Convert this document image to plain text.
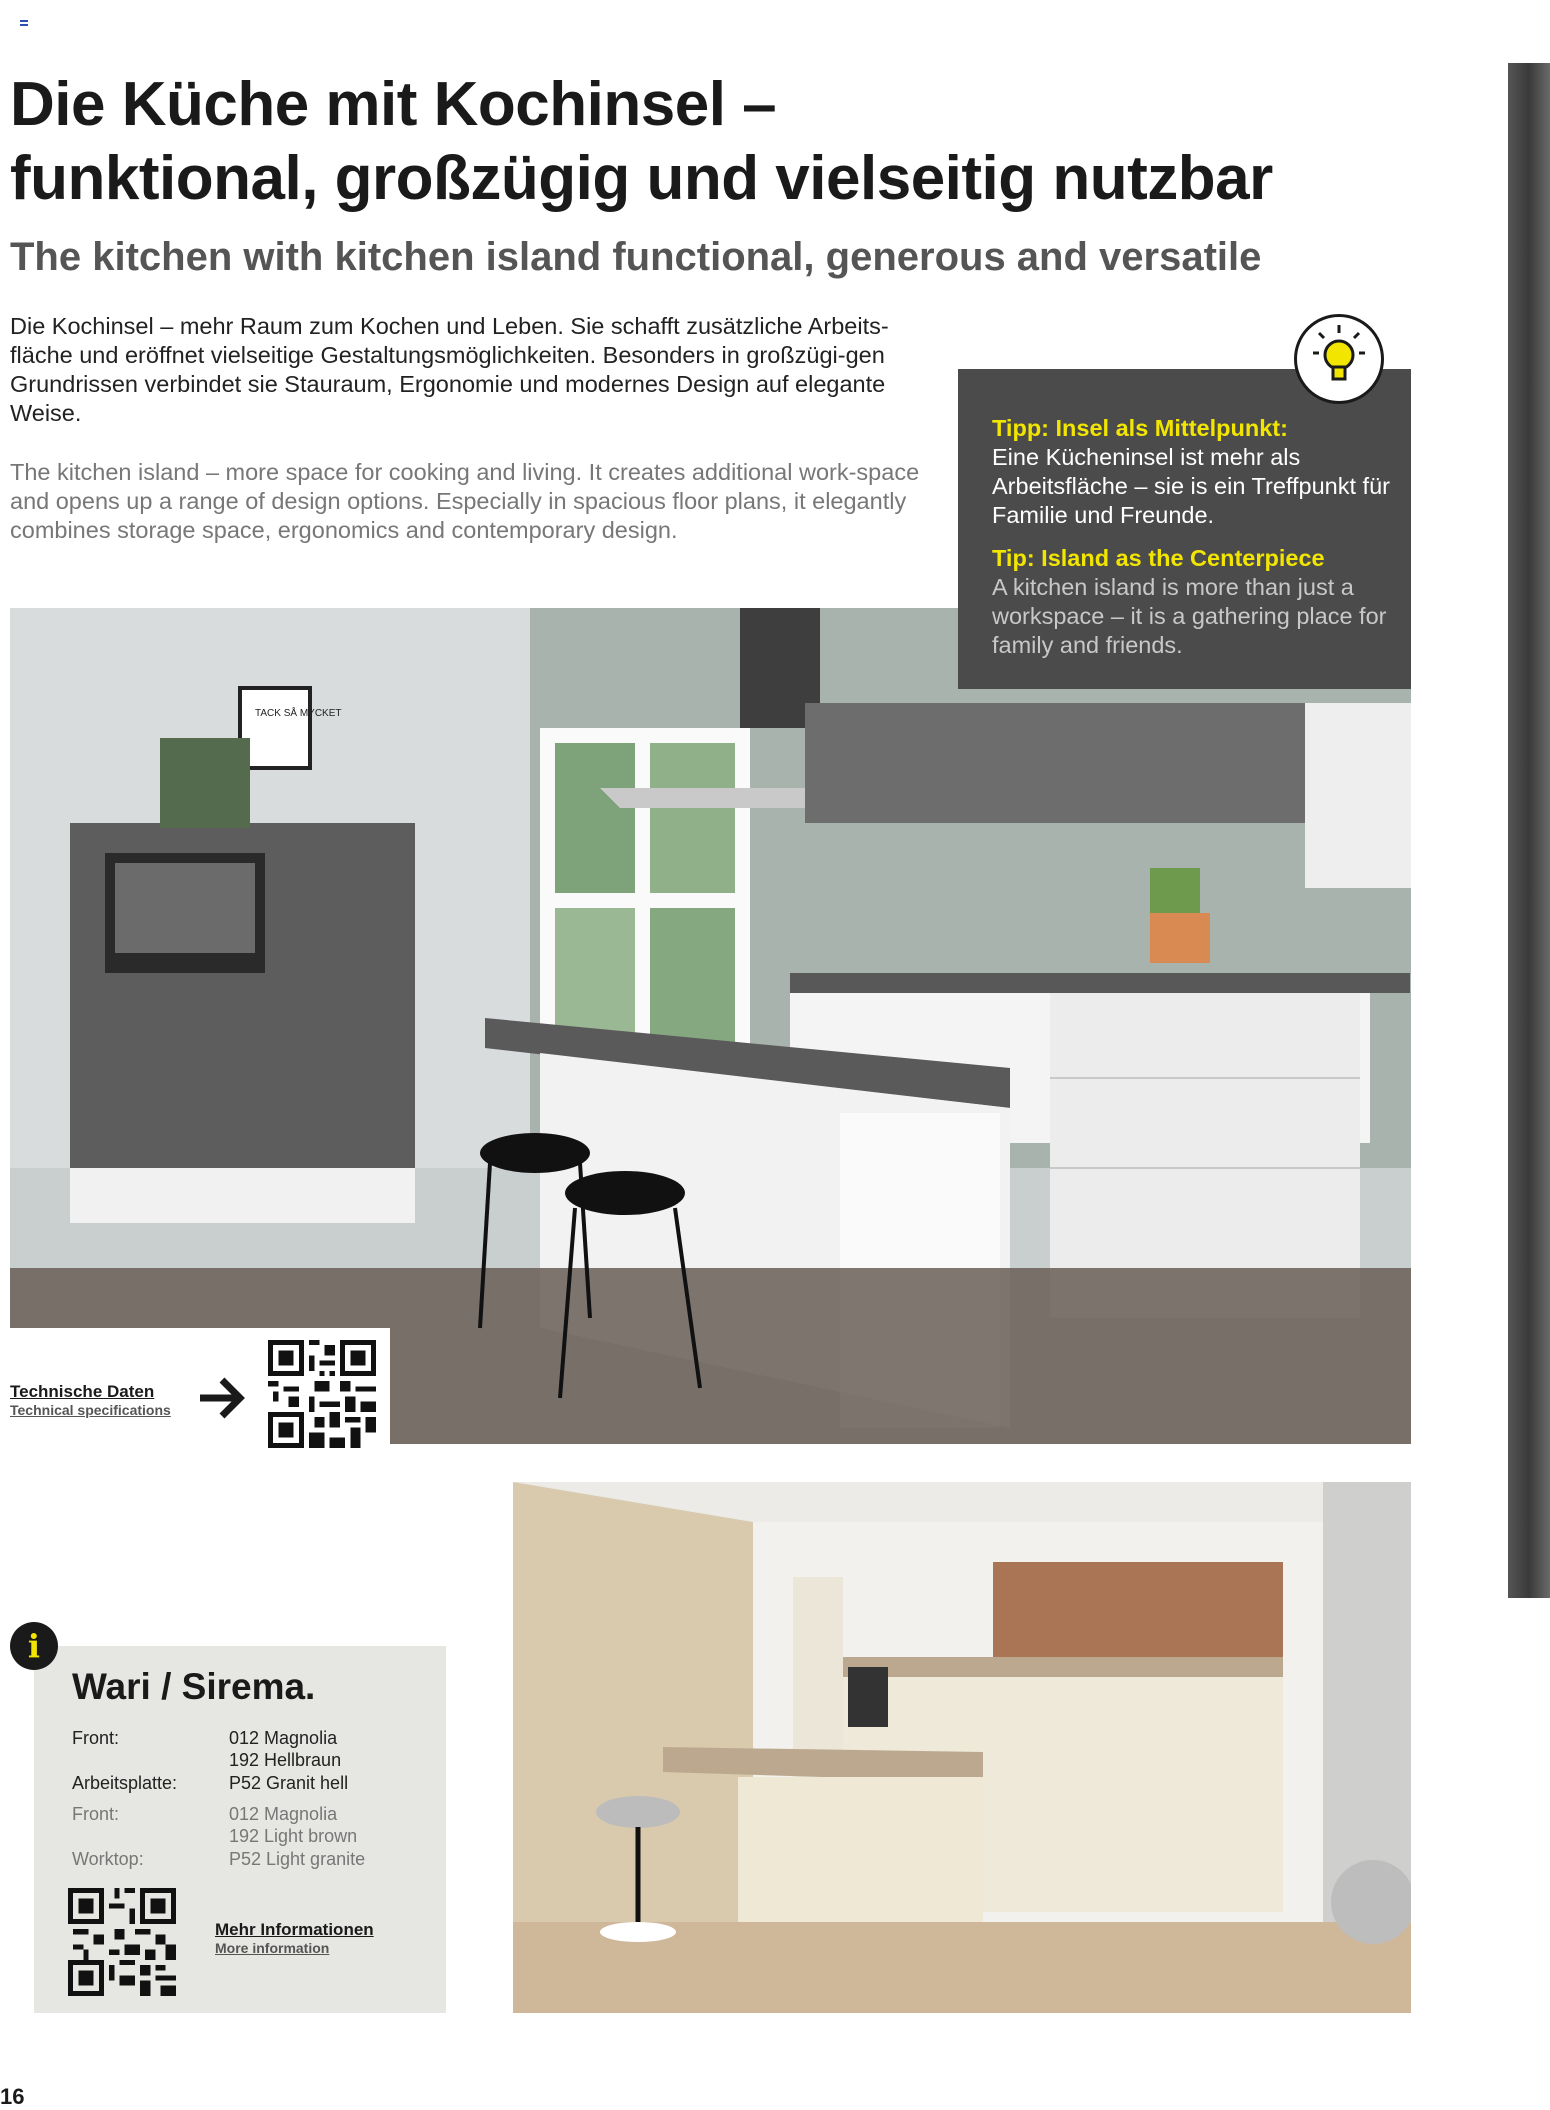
Die Küche mit Kochinsel –
funktional, großzügig und vielseitig nutzbar
The kitchen with kitchen island functional, generous and versatile
Die Kochinsel – mehr Raum zum Kochen und Leben. Sie schafft zusätzliche Arbeits-fläche und eröffnet vielseitige Gestaltungsmöglichkeiten. Besonders in großzügi-gen Grundrissen verbindet sie Stauraum, Ergonomie und modernes Design auf elegante Weise.
The kitchen island – more space for cooking and living. It creates additional work-space and opens up a range of design options. Especially in spacious floor plans, it elegantly combines storage space, ergonomics and contemporary design.
TACK SÅ MYCKET
Tipp: Insel als Mittelpunkt:
Eine Kücheninsel ist mehr als Arbeitsfläche – sie is ein Treffpunkt für Familie und Freunde.
Tip: Island as the Centerpiece
A kitchen island is more than just a workspace – it is a gathering place for family and friends.
Technische Daten
Technical specifications
i
Wari / Sirema.
Front:	012 Magnolia
192 Hellbraun
Arbeitsplatte:	P52 Granit hell
Front:	012 Magnolia
192 Light brown
Worktop:	P52 Light granite
Mehr Informationen
More information
16
